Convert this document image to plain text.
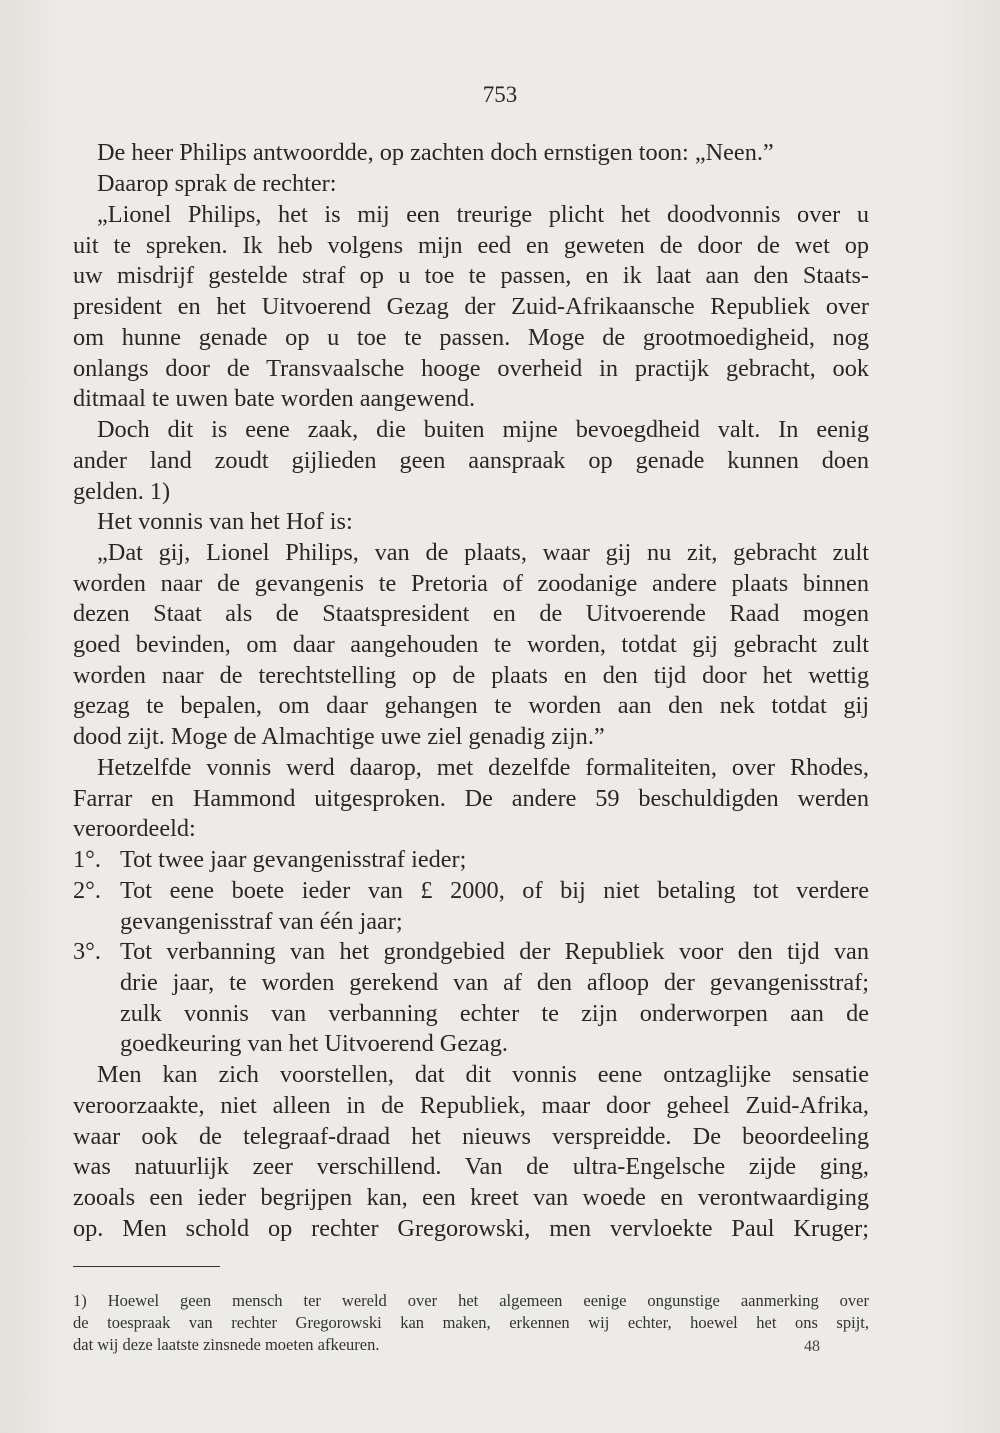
753
De heer Philips antwoordde, op zachten doch ernstigen toon: „Neen.”
Daarop sprak de rechter:
„Lionel Philips, het is mij een treurige plicht het doodvonnis over u
uit te spreken. Ik heb volgens mijn eed en geweten de door de wet op
uw misdrijf gestelde straf op u toe te passen, en ik laat aan den Staats-
president en het Uitvoerend Gezag der Zuid-Afrikaansche Republiek over
om hunne genade op u toe te passen. Moge de grootmoedigheid, nog
onlangs door de Transvaalsche hooge overheid in practijk gebracht, ook
ditmaal te uwen bate worden aangewend.
Doch dit is eene zaak, die buiten mijne bevoegdheid valt. In eenig
ander land zoudt gijlieden geen aanspraak op genade kunnen doen
gelden. 1)
Het vonnis van het Hof is:
„Dat gij, Lionel Philips, van de plaats, waar gij nu zit, gebracht zult
worden naar de gevangenis te Pretoria of zoodanige andere plaats binnen
dezen Staat als de Staatspresident en de Uitvoerende Raad mogen
goed bevinden, om daar aangehouden te worden, totdat gij gebracht zult
worden naar de terechtstelling op de plaats en den tijd door het wettig
gezag te bepalen, om daar gehangen te worden aan den nek totdat gij
dood zijt. Moge de Almachtige uwe ziel genadig zijn.”
Hetzelfde vonnis werd daarop, met dezelfde formaliteiten, over Rhodes,
Farrar en Hammond uitgesproken. De andere 59 beschuldigden werden
veroordeeld:
1°. Tot twee jaar gevangenisstraf ieder;
2°. Tot eene boete ieder van £ 2000, of bij niet betaling tot verdere
gevangenisstraf van één jaar;
3°. Tot verbanning van het grondgebied der Republiek voor den tijd van
drie jaar, te worden gerekend van af den afloop der gevangenisstraf;
zulk vonnis van verbanning echter te zijn onderworpen aan de
goedkeuring van het Uitvoerend Gezag.
Men kan zich voorstellen, dat dit vonnis eene ontzaglijke sensatie
veroorzaakte, niet alleen in de Republiek, maar door geheel Zuid-Afrika,
waar ook de telegraaf-draad het nieuws verspreidde. De beoordeeling
was natuurlijk zeer verschillend. Van de ultra-Engelsche zijde ging,
zooals een ieder begrijpen kan, een kreet van woede en verontwaardiging
op. Men schold op rechter Gregorowski, men vervloekte Paul Kruger;
1) Hoewel geen mensch ter wereld over het algemeen eenige ongunstige aanmerking over
de toespraak van rechter Gregorowski kan maken, erkennen wij echter, hoewel het ons spijt,
dat wij deze laatste zinsnede moeten afkeuren.	48
